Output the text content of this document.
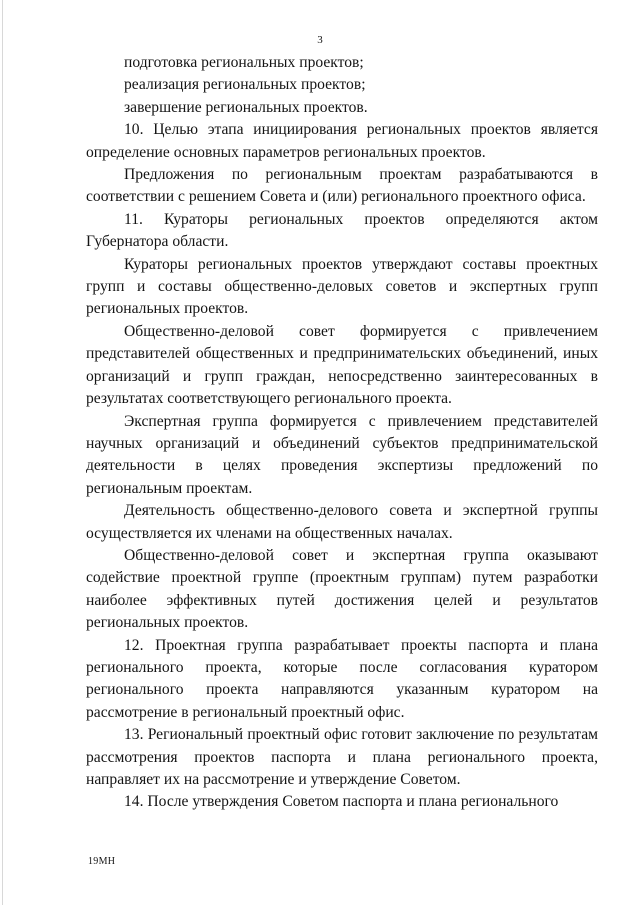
3

подготовка региональных проектов;

реализация региональных проектов;

завершение региональных проектов.

10. Целью этапа инициирования региональных проектов является определение основных параметров региональных проектов.

Предложения по региональным проектам разрабатываются в соответствии с решением Совета и (или) регионального проектного офиса.

11. Кураторы региональных проектов определяются актом Губернатора области.

Кураторы региональных проектов утверждают составы проектных групп и составы общественно-деловых советов и экспертных групп региональных проектов.

Общественно-деловой совет формируется с привлечением представителей общественных и предпринимательских объединений, иных организаций и групп граждан, непосредственно заинтересованных в результатах соответствующего регионального проекта.

Экспертная группа формируется с привлечением представителей научных организаций и объединений субъектов предпринимательской деятельности в целях проведения экспертизы предложений по региональным проектам.

Деятельность общественно-делового совета и экспертной группы осуществляется их членами на общественных началах.

Общественно-деловой совет и экспертная группа оказывают содействие проектной группе (проектным группам) путем разработки наиболее эффективных путей достижения целей и результатов региональных проектов.

12. Проектная группа разрабатывает проекты паспорта и плана регионального проекта, которые после согласования куратором регионального проекта направляются указанным куратором на рассмотрение в региональный проектный офис.

13. Региональный проектный офис готовит заключение по результатам рассмотрения проектов паспорта и плана регионального проекта, направляет их на рассмотрение и утверждение Советом.

14. После утверждения Советом паспорта и плана регионального

19МН
